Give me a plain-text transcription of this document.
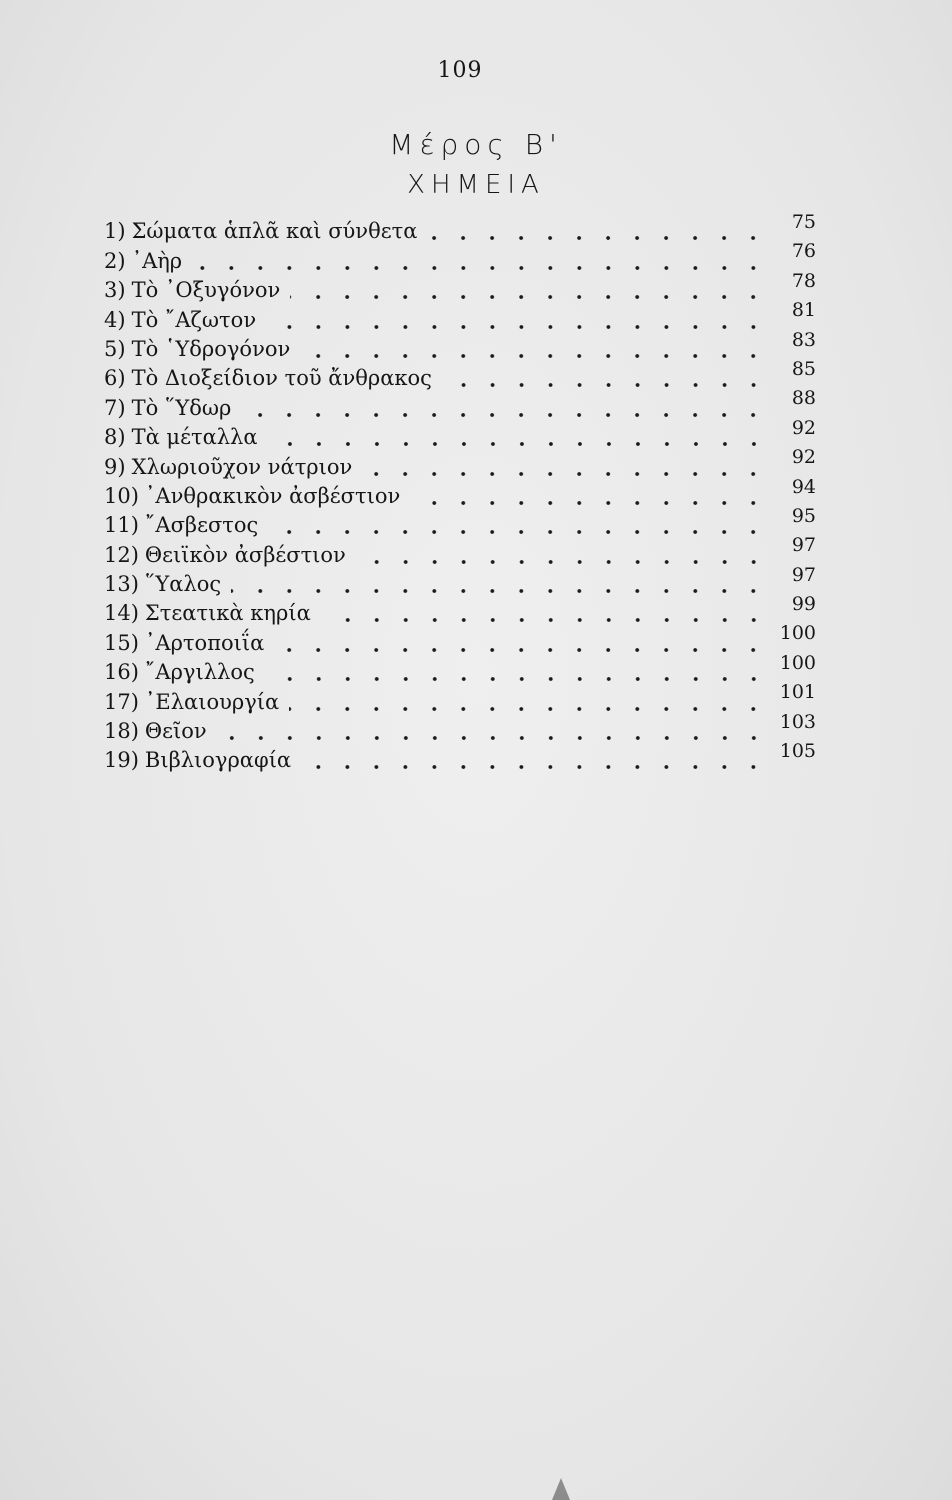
109
Μέρος Β'
ΧΗΜΕΙΑ
1) Σώματα ἁπλᾶ καὶ σύνθετα	75
2) ᾿Αὴρ	76
3) Τὸ ᾿Οξυγόνον	78
4) Τὸ ῎Αζωτον	81
5) Τὸ ῾Υδρογόνον	83
6) Τὸ Διοξείδιον τοῦ ἄνθρακος	85
7) Τὸ ῞Υδωρ	88
8) Τὰ μέταλλα	92
9) Χλωριοῦχον νάτριον	92
10) ᾿Ανθρακικὸν ἀσβέστιον	94
11) ῎Ασβεστος	95
12) Θειϊκὸν ἀσβέστιον	97
13) ῞Υαλος	97
14) Στεατικὰ κηρία	99
15) ᾿Αρτοποιΐα	100
16) ῎Αργιλλος	100
17) ᾿Ελαιουργία	101
18) Θεῖον	103
19) Βιβλιογραφία	105
